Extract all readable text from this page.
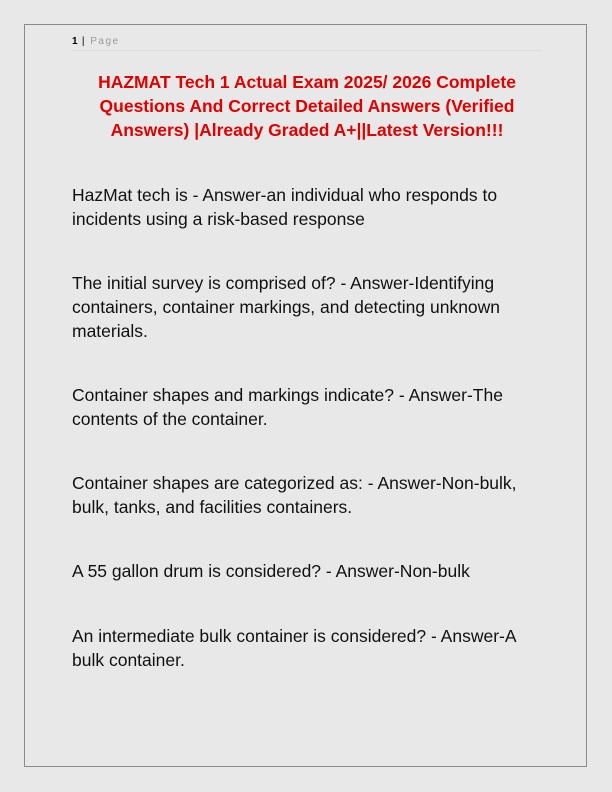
1 | Page
HAZMAT Tech 1 Actual Exam 2025/ 2026 Complete Questions And Correct Detailed Answers (Verified Answers) |Already Graded A+||Latest Version!!!
HazMat tech is - Answer-an individual who responds to incidents using a risk-based response
The initial survey is comprised of? - Answer-Identifying containers, container markings, and detecting unknown materials.
Container shapes and markings indicate? - Answer-The contents of the container.
Container shapes are categorized as: - Answer-Non-bulk, bulk, tanks, and facilities containers.
A 55 gallon drum is considered? - Answer-Non-bulk
An intermediate bulk container is considered? - Answer-A bulk container.
